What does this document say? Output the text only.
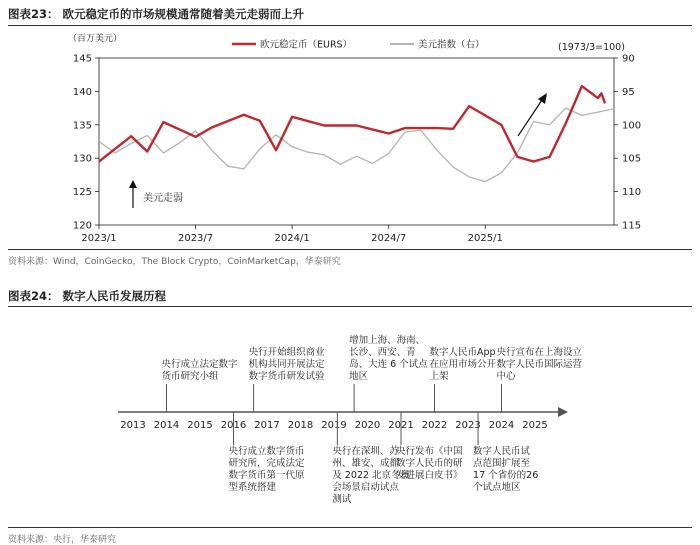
图表23： 欧元稳定币的市场规模通常随着美元走弱而上升
（百万美元）
(1973/3=100)
欧元稳定币（EURS）	美元指数（右）
120
125
130
135
140
145	90
95
100
105
110
115
2023/1	2023/7	2024/1	2024/7	2025/1
美元走弱
2013 2014 2015 2016 2017 2018 2019 2020 2021 2022 2023 2024 2025
央行成立法定数字
货币研究小组
央行开始组织商业
机构共同开展法定
数字货币研发试验
增加上海、海南、
长沙、西安、青
岛、大连 6 个试点
地区
数字人民币App
在应用市场公开
上架
央行宣布在上海设立
数字人民币国际运营
中心
央行成立数字货币
研究所，完成法定
数字货币第一代原
型系统搭建
央行在深圳、苏
州、雄安、成都
及 2022 北京冬奥
会场景启动试点
测试
央行发布《中国
数字人民币的研
发进展白皮书》
数字人民币试
点范围扩展至
17 个省份的26
个试点地区
资料来源：Wind，CoinGecko，The Block Crypto，CoinMarketCap，华泰研究
图表24： 数字人民币发展历程
资料来源：央行，华泰研究
